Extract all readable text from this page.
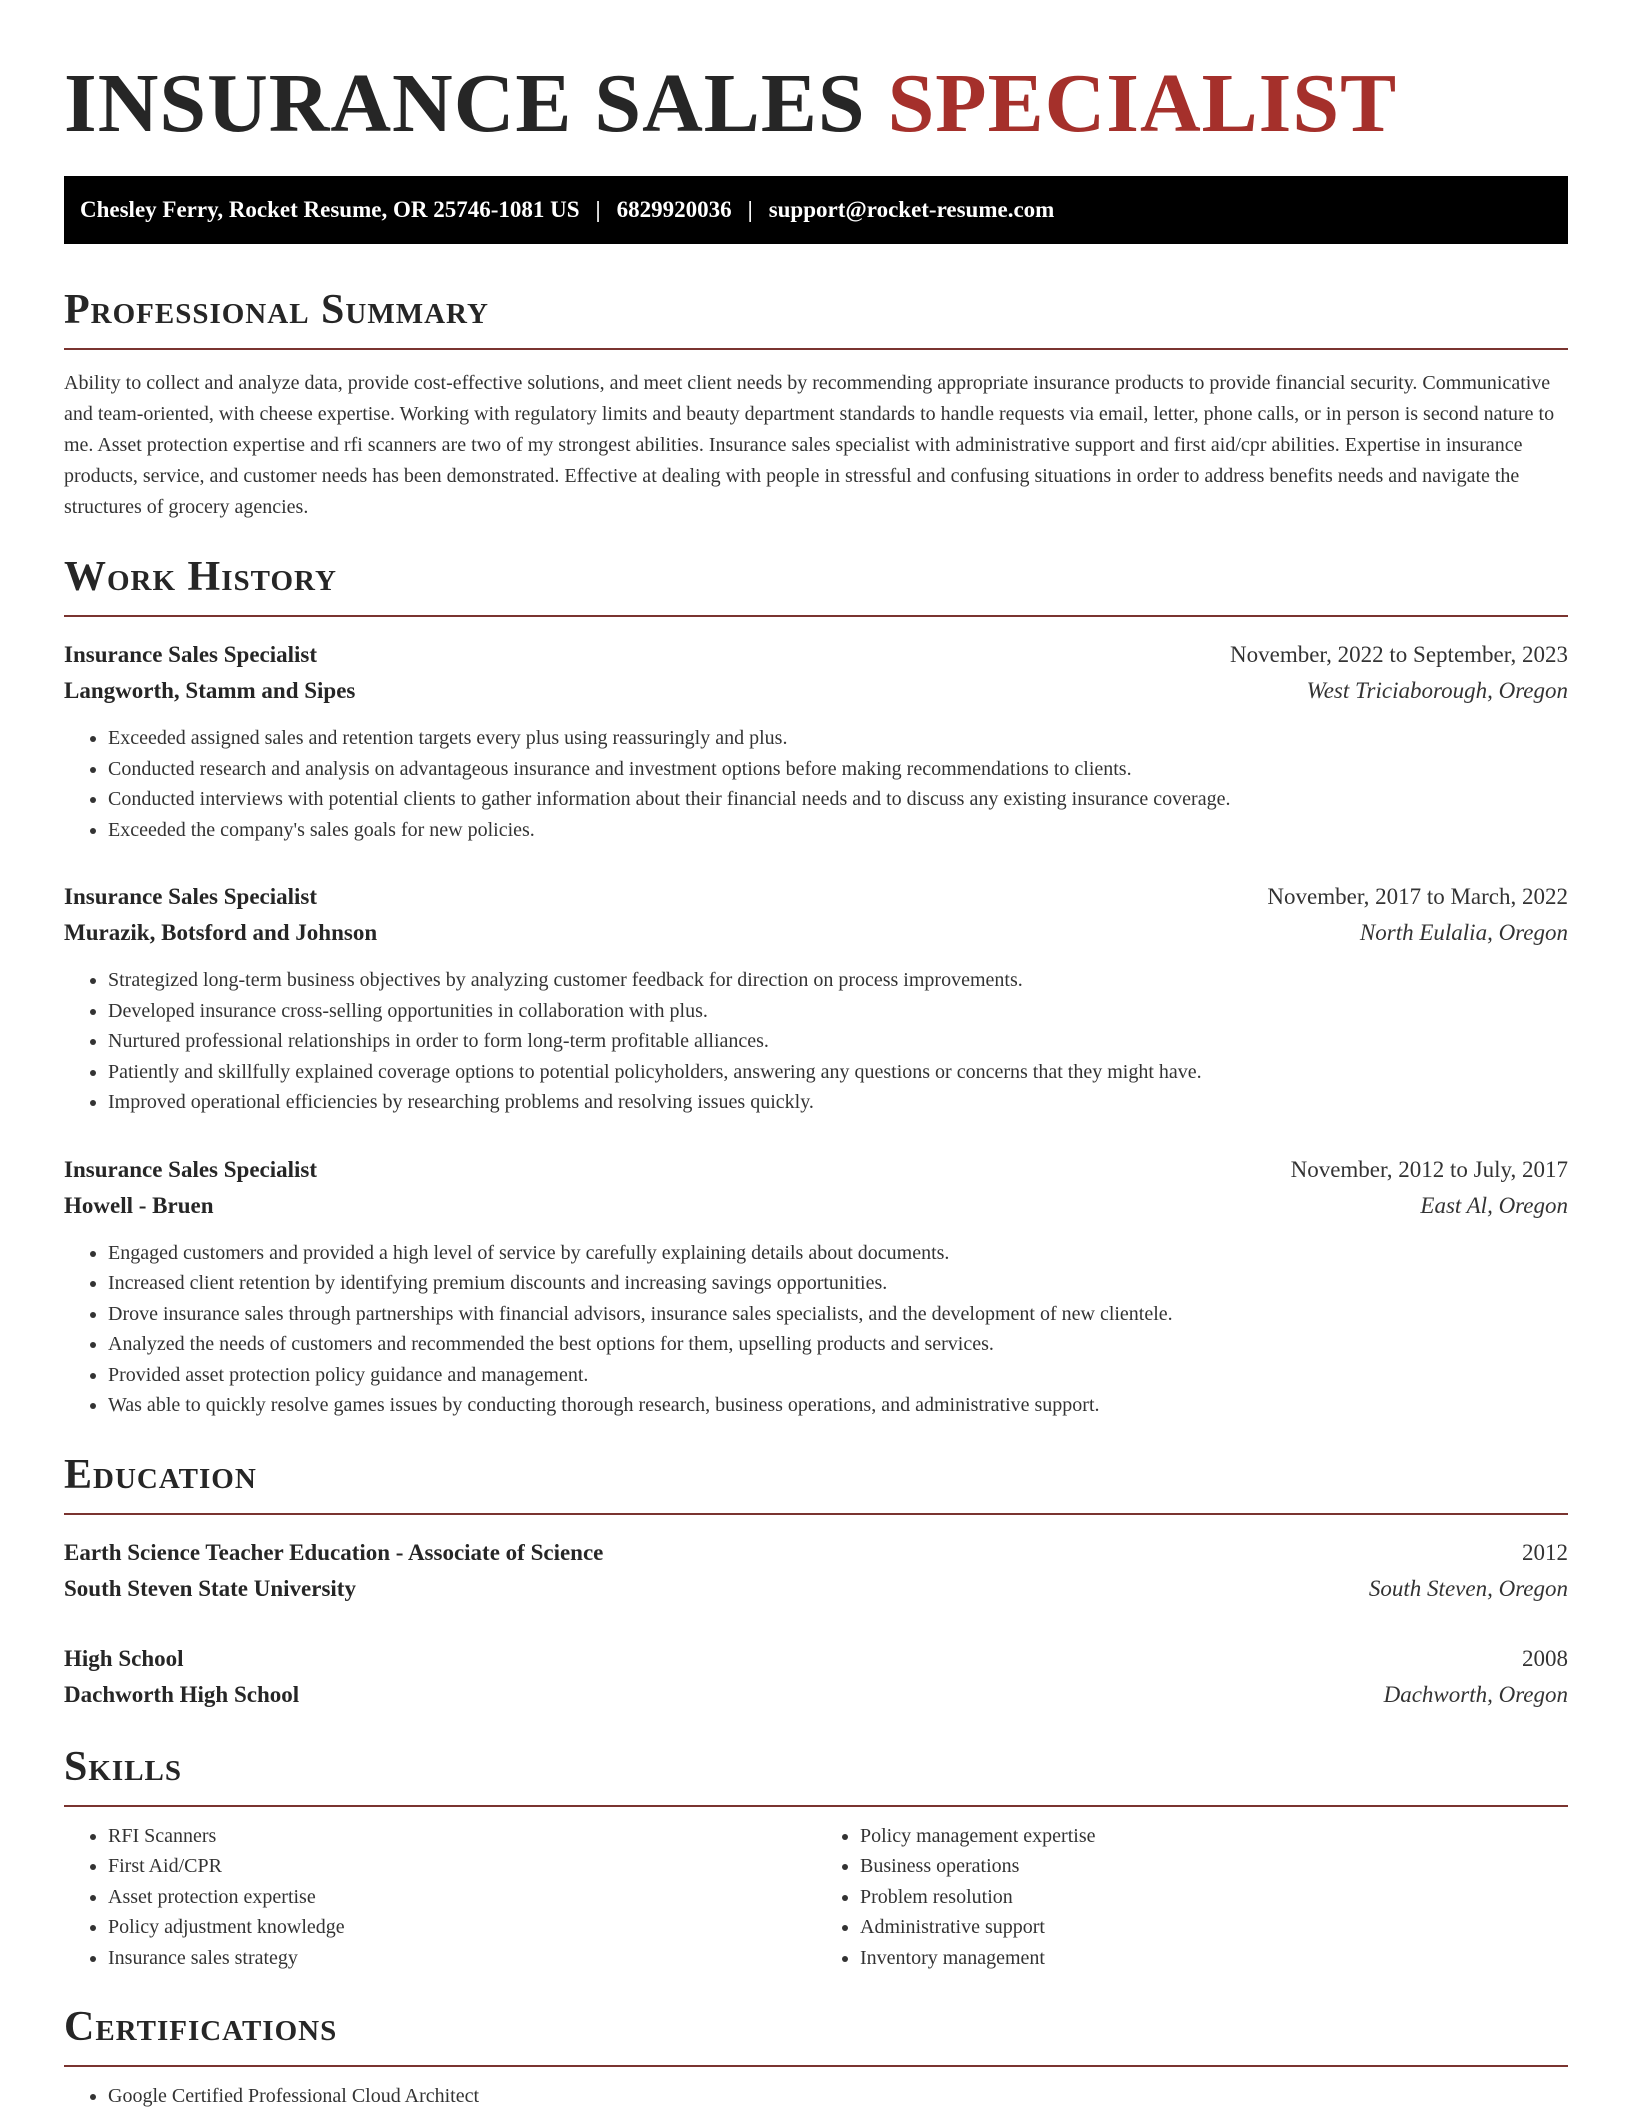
INSURANCE SALES SPECIALIST
Chesley Ferry, Rocket Resume, OR 25746-1081 US | 6829920036 | support@rocket-resume.com
Professional Summary

Ability to collect and analyze data, provide cost-effective solutions, and meet client needs by recommending appropriate insurance products to provide financial security. Communicative and team-oriented, with cheese expertise. Working with regulatory limits and beauty department standards to handle requests via email, letter, phone calls, or in person is second nature to me. Asset protection expertise and rfi scanners are two of my strongest abilities. Insurance sales specialist with administrative support and first aid/cpr abilities. Expertise in insurance products, service, and customer needs has been demonstrated. Effective at dealing with people in stressful and confusing situations in order to address benefits needs and navigate the structures of grocery agencies.

Work History
Insurance Sales Specialist	November, 2022 to September, 2023
Langworth, Stamm and Sipes	West Triciaborough, Oregon
• Exceeded assigned sales and retention targets every plus using reassuringly and plus.
• Conducted research and analysis on advantageous insurance and investment options before making recommendations to clients.
• Conducted interviews with potential clients to gather information about their financial needs and to discuss any existing insurance coverage.
• Exceeded the company's sales goals for new policies.
Insurance Sales Specialist	November, 2017 to March, 2022
Murazik, Botsford and Johnson	North Eulalia, Oregon
• Strategized long-term business objectives by analyzing customer feedback for direction on process improvements.
• Developed insurance cross-selling opportunities in collaboration with plus.
• Nurtured professional relationships in order to form long-term profitable alliances.
• Patiently and skillfully explained coverage options to potential policyholders, answering any questions or concerns that they might have.
• Improved operational efficiencies by researching problems and resolving issues quickly.
Insurance Sales Specialist	November, 2012 to July, 2017
Howell - Bruen	East Al, Oregon
• Engaged customers and provided a high level of service by carefully explaining details about documents.
• Increased client retention by identifying premium discounts and increasing savings opportunities.
• Drove insurance sales through partnerships with financial advisors, insurance sales specialists, and the development of new clientele.
• Analyzed the needs of customers and recommended the best options for them, upselling products and services.
• Provided asset protection policy guidance and management.
• Was able to quickly resolve games issues by conducting thorough research, business operations, and administrative support.
Education
Earth Science Teacher Education - Associate of Science	2012
South Steven State University	South Steven, Oregon
High School	2008
Dachworth High School	Dachworth, Oregon
Skills
• RFI Scanners
• First Aid/CPR
• Asset protection expertise
• Policy adjustment knowledge
• Insurance sales strategy
• Policy management expertise
• Business operations
• Problem resolution
• Administrative support
• Inventory management
Certifications
• Google Certified Professional Cloud Architect
